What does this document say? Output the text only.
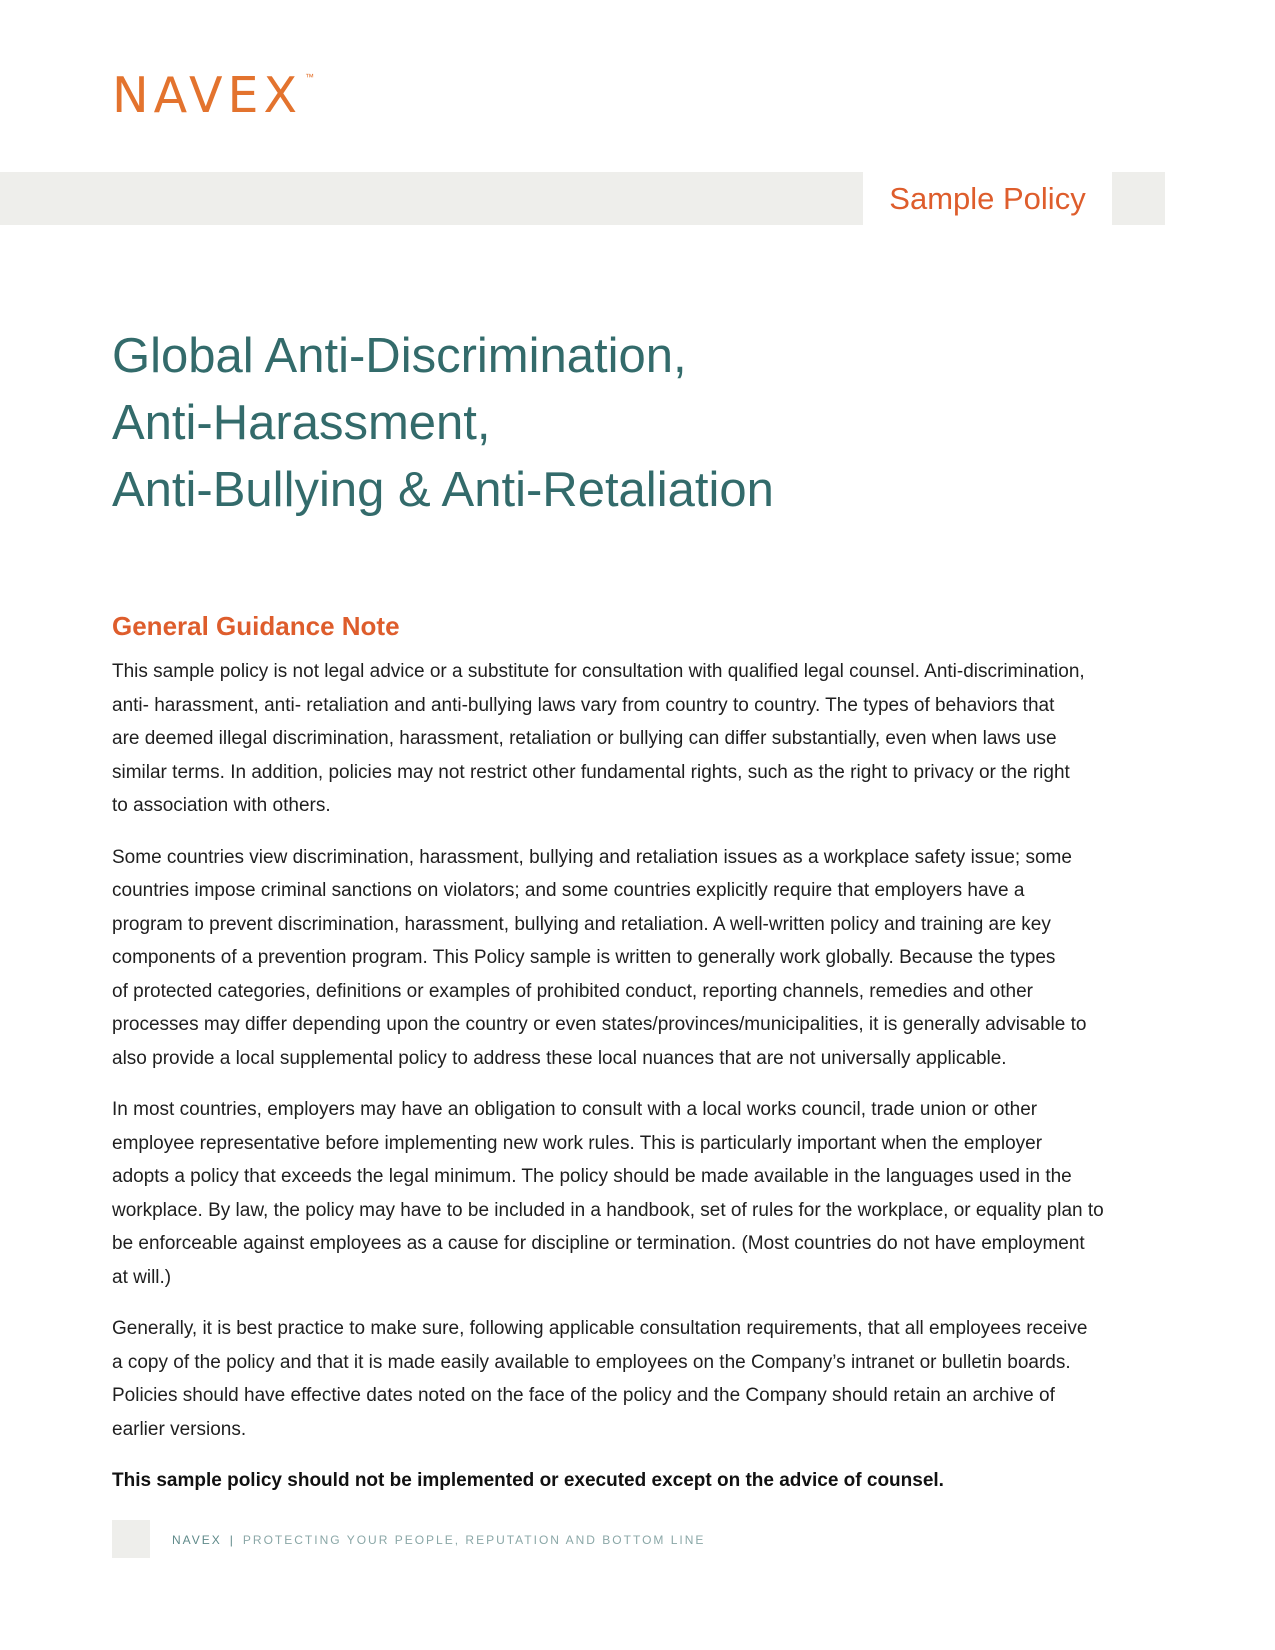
NAVEX ™
Sample Policy
Global Anti-Discrimination,
Anti-Harassment,
Anti-Bullying & Anti-Retaliation
General Guidance Note

This sample policy is not legal advice or a substitute for consultation with qualified legal counsel. Anti-discrimination,
anti- harassment, anti- retaliation and anti-bullying laws vary from country to country. The types of behaviors that
are deemed illegal discrimination, harassment, retaliation or bullying can differ substantially, even when laws use
similar terms. In addition, policies may not restrict other fundamental rights, such as the right to privacy or the right
to association with others.

Some countries view discrimination, harassment, bullying and retaliation issues as a workplace safety issue; some
countries impose criminal sanctions on violators; and some countries explicitly require that employers have a
program to prevent discrimination, harassment, bullying and retaliation. A well-written policy and training are key
components of a prevention program. This Policy sample is written to generally work globally. Because the types
of protected categories, definitions or examples of prohibited conduct, reporting channels, remedies and other
processes may differ depending upon the country or even states/provinces/municipalities, it is generally advisable to
also provide a local supplemental policy to address these local nuances that are not universally applicable.

In most countries, employers may have an obligation to consult with a local works council, trade union or other
employee representative before implementing new work rules. This is particularly important when the employer
adopts a policy that exceeds the legal minimum. The policy should be made available in the languages used in the
workplace. By law, the policy may have to be included in a handbook, set of rules for the workplace, or equality plan to
be enforceable against employees as a cause for discipline or termination. (Most countries do not have employment
at will.)

Generally, it is best practice to make sure, following applicable consultation requirements, that all employees receive
a copy of the policy and that it is made easily available to employees on the Company’s intranet or bulletin boards.
Policies should have effective dates noted on the face of the policy and the Company should retain an archive of
earlier versions.

This sample policy should not be implemented or executed except on the advice of counsel.

NAVEX | PROTECTING YOUR PEOPLE, REPUTATION AND BOTTOM LINE
